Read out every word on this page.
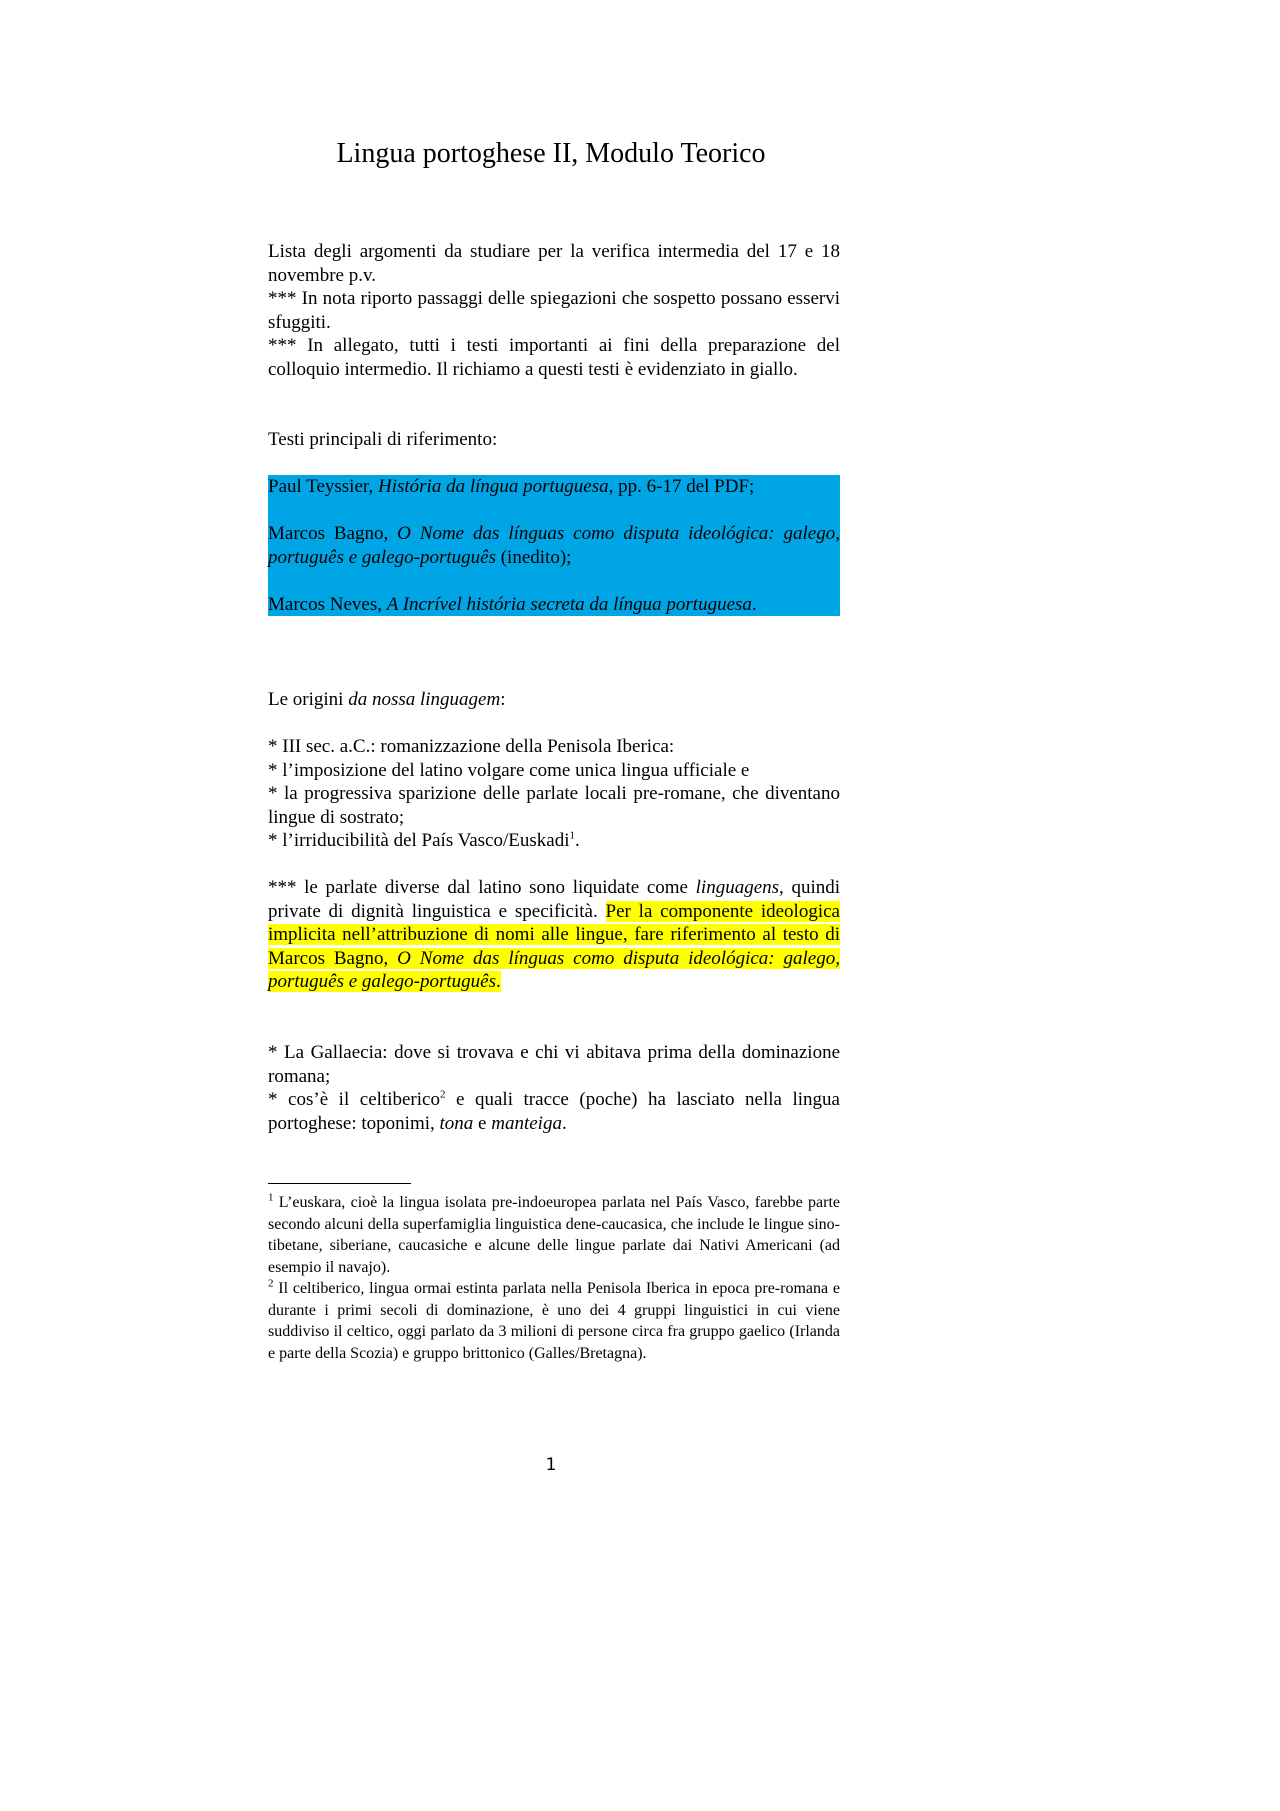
Lingua portoghese II, Modulo Teorico

Lista degli argomenti da studiare per la verifica intermedia del 17 e 18 novembre p.v.

*** In nota riporto passaggi delle spiegazioni che sospetto possano esservi sfuggiti.

*** In allegato, tutti i testi importanti ai fini della preparazione del colloquio intermedio. Il richiamo a questi testi è evidenziato in giallo.

Testi principali di riferimento:

Paul Teyssier, História da língua portuguesa, pp. 6-17 del PDF;

Marcos Bagno, O Nome das línguas como disputa ideológica: galego, português e galego-português (inedito);

Marcos Neves, A Incrível história secreta da língua portuguesa.

Le origini da nossa linguagem:

* III sec. a.C.: romanizzazione della Penisola Iberica:

* l’imposizione del latino volgare come unica lingua ufficiale e

* la progressiva sparizione delle parlate locali pre-romane, che diventano lingue di sostrato;

* l’irriducibilità del País Vasco/Euskadi$^1$.

*** le parlate diverse dal latino sono liquidate come linguagens, quindi private di dignità linguistica e specificità. Per la componente ideologica implicita nell’attribuzione di nomi alle lingue, fare riferimento al testo di Marcos Bagno, O Nome das línguas como disputa ideológica: galego, português e galego-português.

* La Gallaecia: dove si trovava e chi vi abitava prima della dominazione romana;

* cos’è il celtiberico$^2$ e quali tracce (poche) ha lasciato nella lingua portoghese: toponimi, tona e manteiga.

$^1$ L’euskara, cioè la lingua isolata pre-indoeuropea parlata nel País Vasco, farebbe parte secondo alcuni della superfamiglia linguistica dene-caucasica, che include le lingue sino-tibetane, siberiane, caucasiche e alcune delle lingue parlate dai Nativi Americani (ad esempio il navajo).

$^2$ Il celtiberico, lingua ormai estinta parlata nella Penisola Iberica in epoca pre-romana e durante i primi secoli di dominazione, è uno dei 4 gruppi linguistici in cui viene suddiviso il celtico, oggi parlato da 3 milioni di persone circa fra gruppo gaelico (Irlanda e parte della Scozia) e gruppo brittonico (Galles/Bretagna).

1
